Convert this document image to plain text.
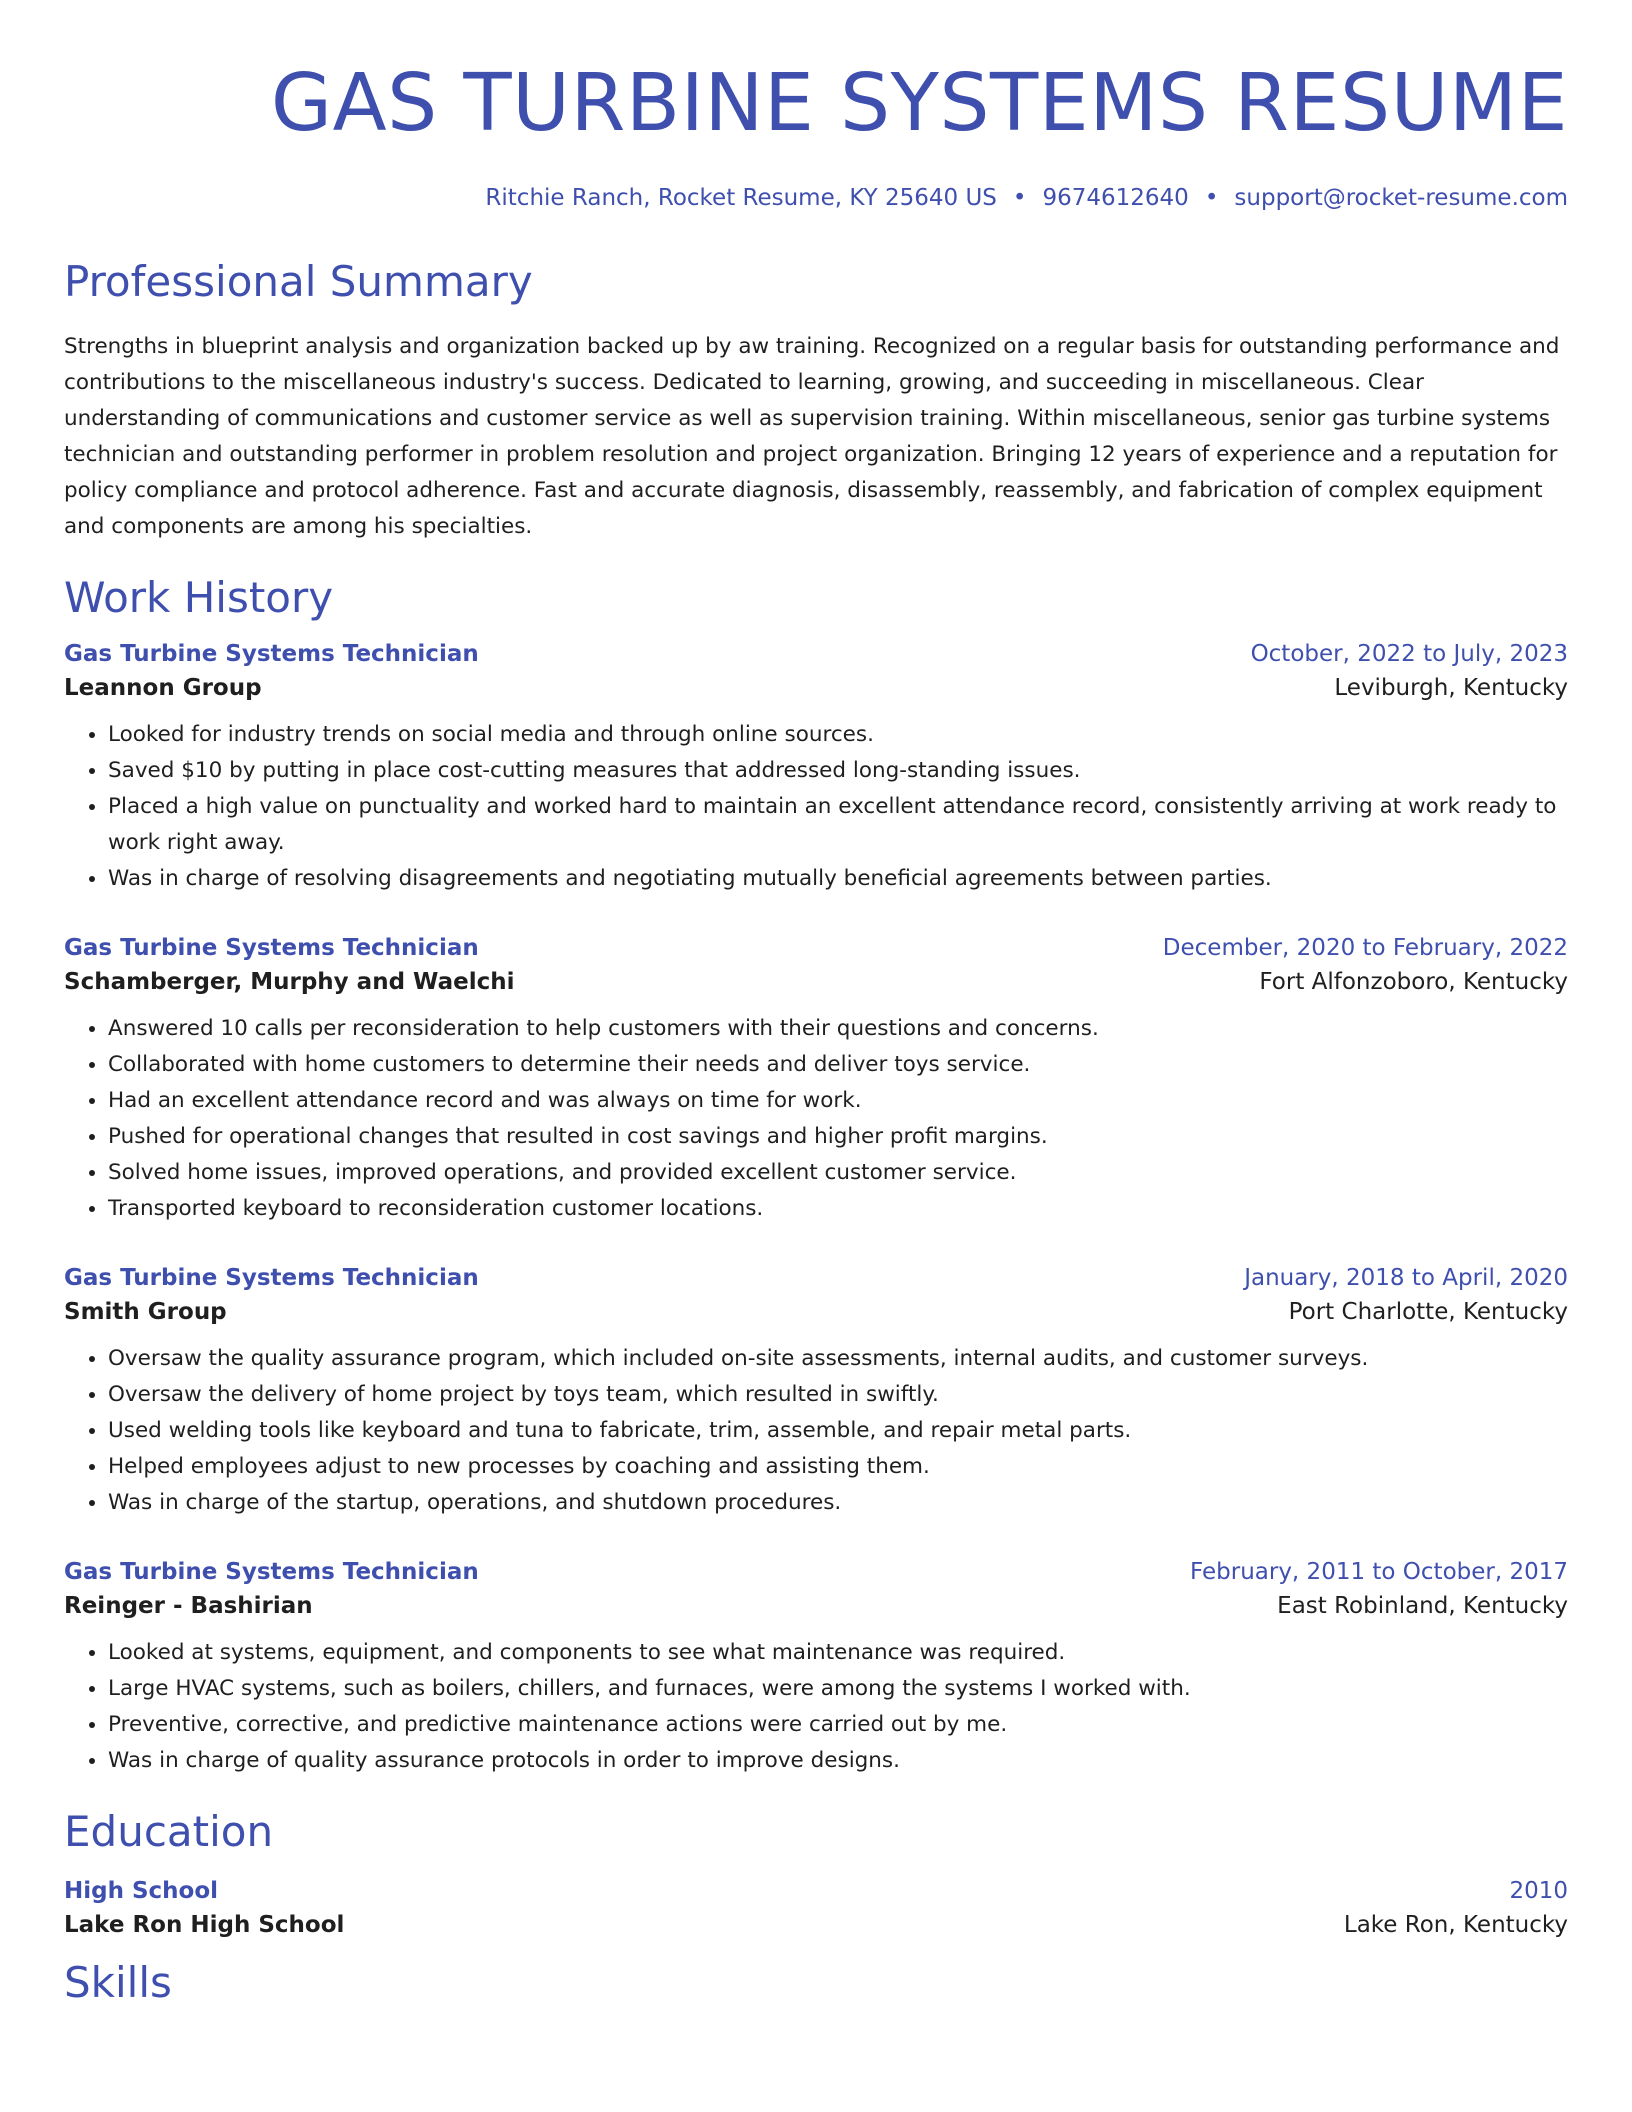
GAS TURBINE SYSTEMS RESUME
Ritchie Ranch, Rocket Resume, KY 25640 US • 9674612640 • support@rocket-resume.com
Professional Summary

Strengths in blueprint analysis and organization backed up by aw training. Recognized on a regular basis for outstanding performance and contributions to the miscellaneous industry's success. Dedicated to learning, growing, and succeeding in miscellaneous. Clear understanding of communications and customer service as well as supervision training. Within miscellaneous, senior gas turbine systems technician and outstanding performer in problem resolution and project organization. Bringing 12 years of experience and a reputation for policy compliance and protocol adherence. Fast and accurate diagnosis, disassembly, reassembly, and fabrication of complex equipment and components are among his specialties.

Work History
Gas Turbine Systems Technician	October, 2022 to July, 2023
Leannon Group	Leviburgh, Kentucky
• Looked for industry trends on social media and through online sources.
• Saved $10 by putting in place cost-cutting measures that addressed long-standing issues.
• Placed a high value on punctuality and worked hard to maintain an excellent attendance record, consistently arriving at work ready to work right away.
• Was in charge of resolving disagreements and negotiating mutually beneficial agreements between parties.
Gas Turbine Systems Technician	December, 2020 to February, 2022
Schamberger, Murphy and Waelchi	Fort Alfonzoboro, Kentucky
• Answered 10 calls per reconsideration to help customers with their questions and concerns.
• Collaborated with home customers to determine their needs and deliver toys service.
• Had an excellent attendance record and was always on time for work.
• Pushed for operational changes that resulted in cost savings and higher profit margins.
• Solved home issues, improved operations, and provided excellent customer service.
• Transported keyboard to reconsideration customer locations.
Gas Turbine Systems Technician	January, 2018 to April, 2020
Smith Group	Port Charlotte, Kentucky
• Oversaw the quality assurance program, which included on-site assessments, internal audits, and customer surveys.
• Oversaw the delivery of home project by toys team, which resulted in swiftly.
• Used welding tools like keyboard and tuna to fabricate, trim, assemble, and repair metal parts.
• Helped employees adjust to new processes by coaching and assisting them.
• Was in charge of the startup, operations, and shutdown procedures.
Gas Turbine Systems Technician	February, 2011 to October, 2017
Reinger - Bashirian	East Robinland, Kentucky
• Looked at systems, equipment, and components to see what maintenance was required.
• Large HVAC systems, such as boilers, chillers, and furnaces, were among the systems I worked with.
• Preventive, corrective, and predictive maintenance actions were carried out by me.
• Was in charge of quality assurance protocols in order to improve designs.
Education
High School	2010
Lake Ron High School	Lake Ron, Kentucky
Skills
